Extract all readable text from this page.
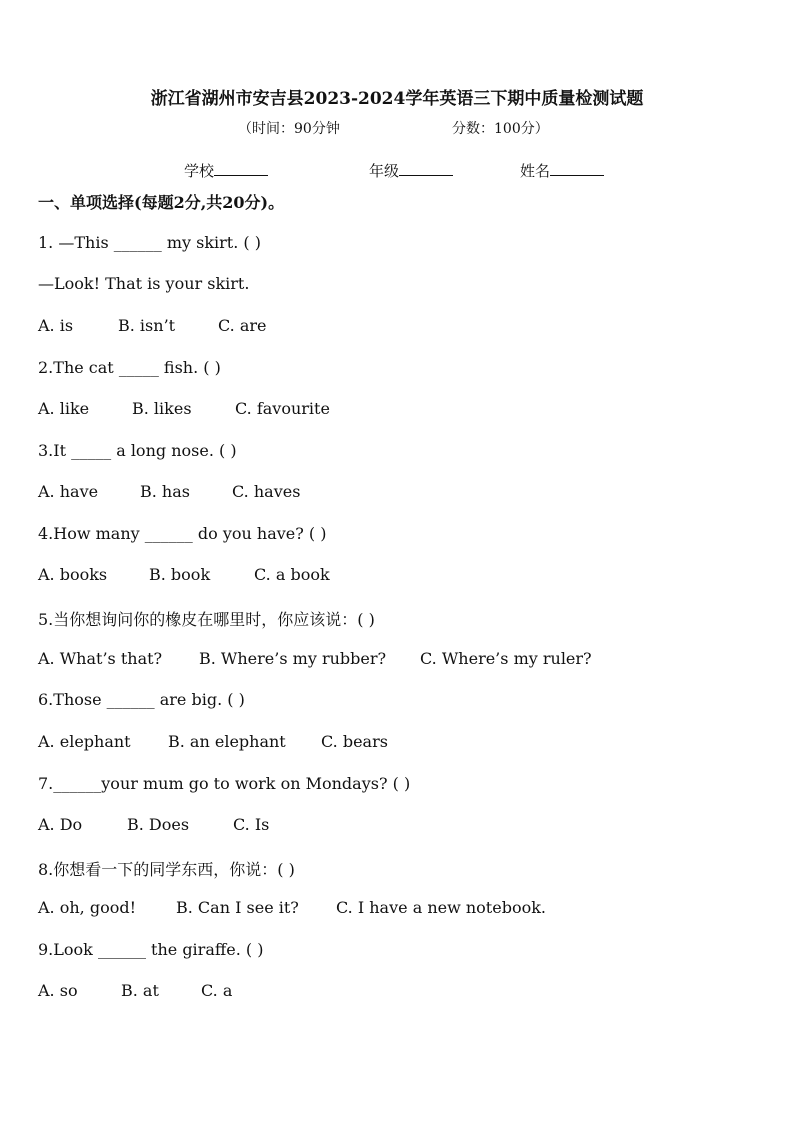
浙江省湖州市安吉县2023-2024学年英语三下期中质量检测试题
（时间：90分钟	分数：100分）
学校	年级	姓名
一、单项选择(每题2分,共20分)。
1. —This ______ my skirt. ( )
—Look! That is your skirt.
A. is	B. isn’t	C. are
2.The cat _____ fish. ( )
A. like	B. likes	C. favourite
3.It _____ a long nose. ( )
A. have	B. has	C. haves
4.How many ______ do you have? ( )
A. books	B. book	C. a book
5.当你想询问你的橡皮在哪里时，你应该说：( )
A. What’s that? B. Where’s my rubber? C. Where’s my ruler?
6.Those ______ are big. ( )
A. elephant B. an elephant C. bears
7.______your mum go to work on Mondays? ( )
A. Do	B. Does	C. Is
8.你想看一下的同学东西，你说：( )
A. oh, good! B. Can I see it? C. I have a new notebook.
9.Look ______ the giraffe. ( )
A. so	B. at	C. a
